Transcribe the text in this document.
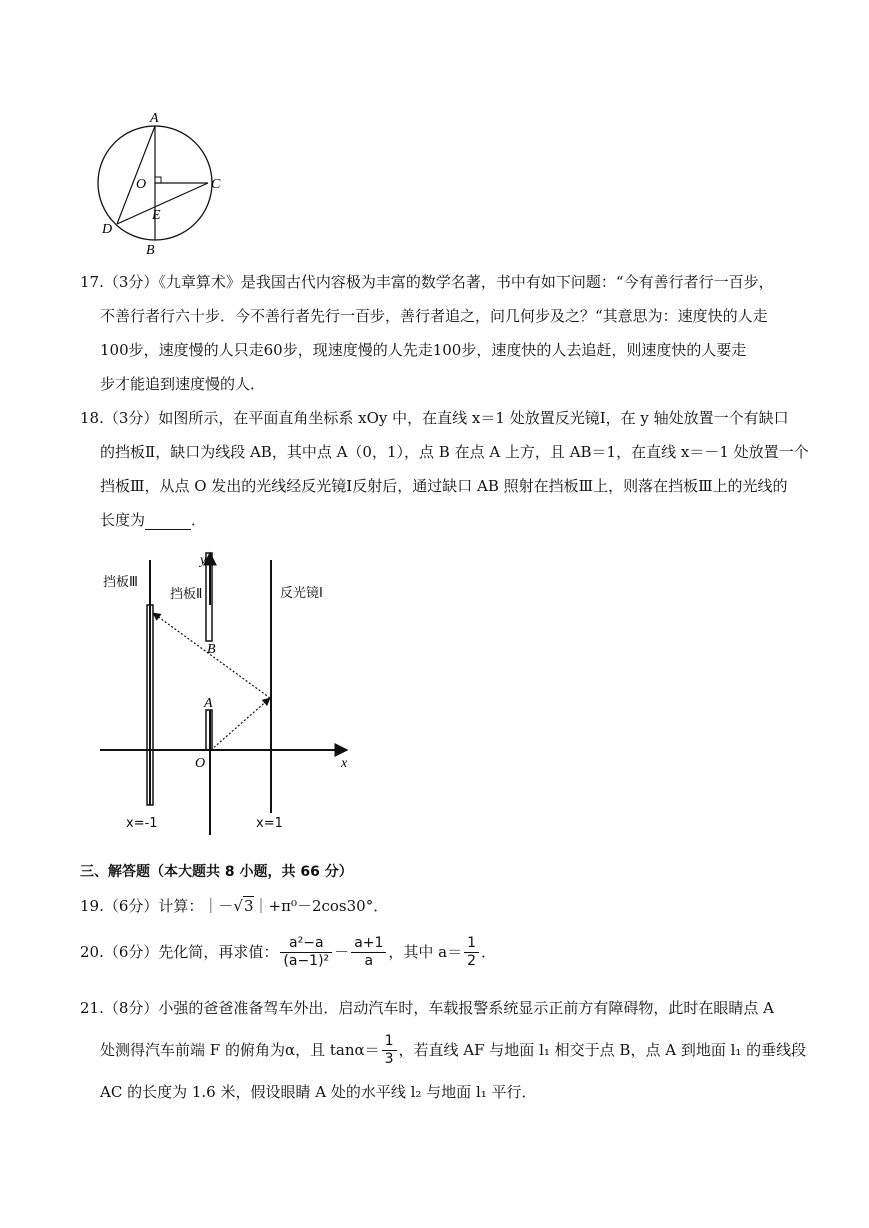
A
O	C
D
E
B
17.（3分）《九章算术》是我国古代内容极为丰富的数学名著，书中有如下问题：“今有善行者行一百步，
不善行者行六十步．今不善行者先行一百步，善行者追之，问几何步及之？“其意思为：速度快的人走
100步，速度慢的人只走60步，现速度慢的人先走100步，速度快的人去追赶，则速度快的人要走
步才能追到速度慢的人．
18.（3分）如图所示，在平面直角坐标系 xOy 中，在直线 x＝1 处放置反光镜Ⅰ，在 y 轴处放置一个有缺口
的挡板Ⅱ，缺口为线段 AB，其中点 A（0，1），点 B 在点 A 上方，且 AB＝1，在直线 x＝－1 处放置一个
挡板Ⅲ，从点 O 发出的光线经反光镜Ⅰ反射后，通过缺口 AB 照射在挡板Ⅲ上，则落在挡板Ⅲ上的光线的
长度为	．
挡板Ⅲ
挡板Ⅱ	反光镜I
y
x
B
A
O
x=-1	x=1
三、解答题（本大题共 8 小题，共 66 分）
19.（6分）计算：｜－√3｜+π⁰－2cos30°．
20.（6分）先化简，再求值： $\frac{\text{a²−a}}{\text{(a−1)²}} - \frac{a+1}{a}$ ，其中 $a= \frac{1}{2}$ ．
21.（8分）小强的爸爸准备驾车外出．启动汽车时，车载报警系统显示正前方有障碍物，此时在眼睛点 A
处测得汽车前端 F 的俯角为α，且 $\tan\alpha= \frac{1}{3}$ ，若直线 AF 与地面 l₁ 相交于点 B，点 A 到地面 l₁ 的垂线段
AC 的长度为 1.6 米，假设眼睛 A 处的水平线 l₂ 与地面 l₁ 平行．
